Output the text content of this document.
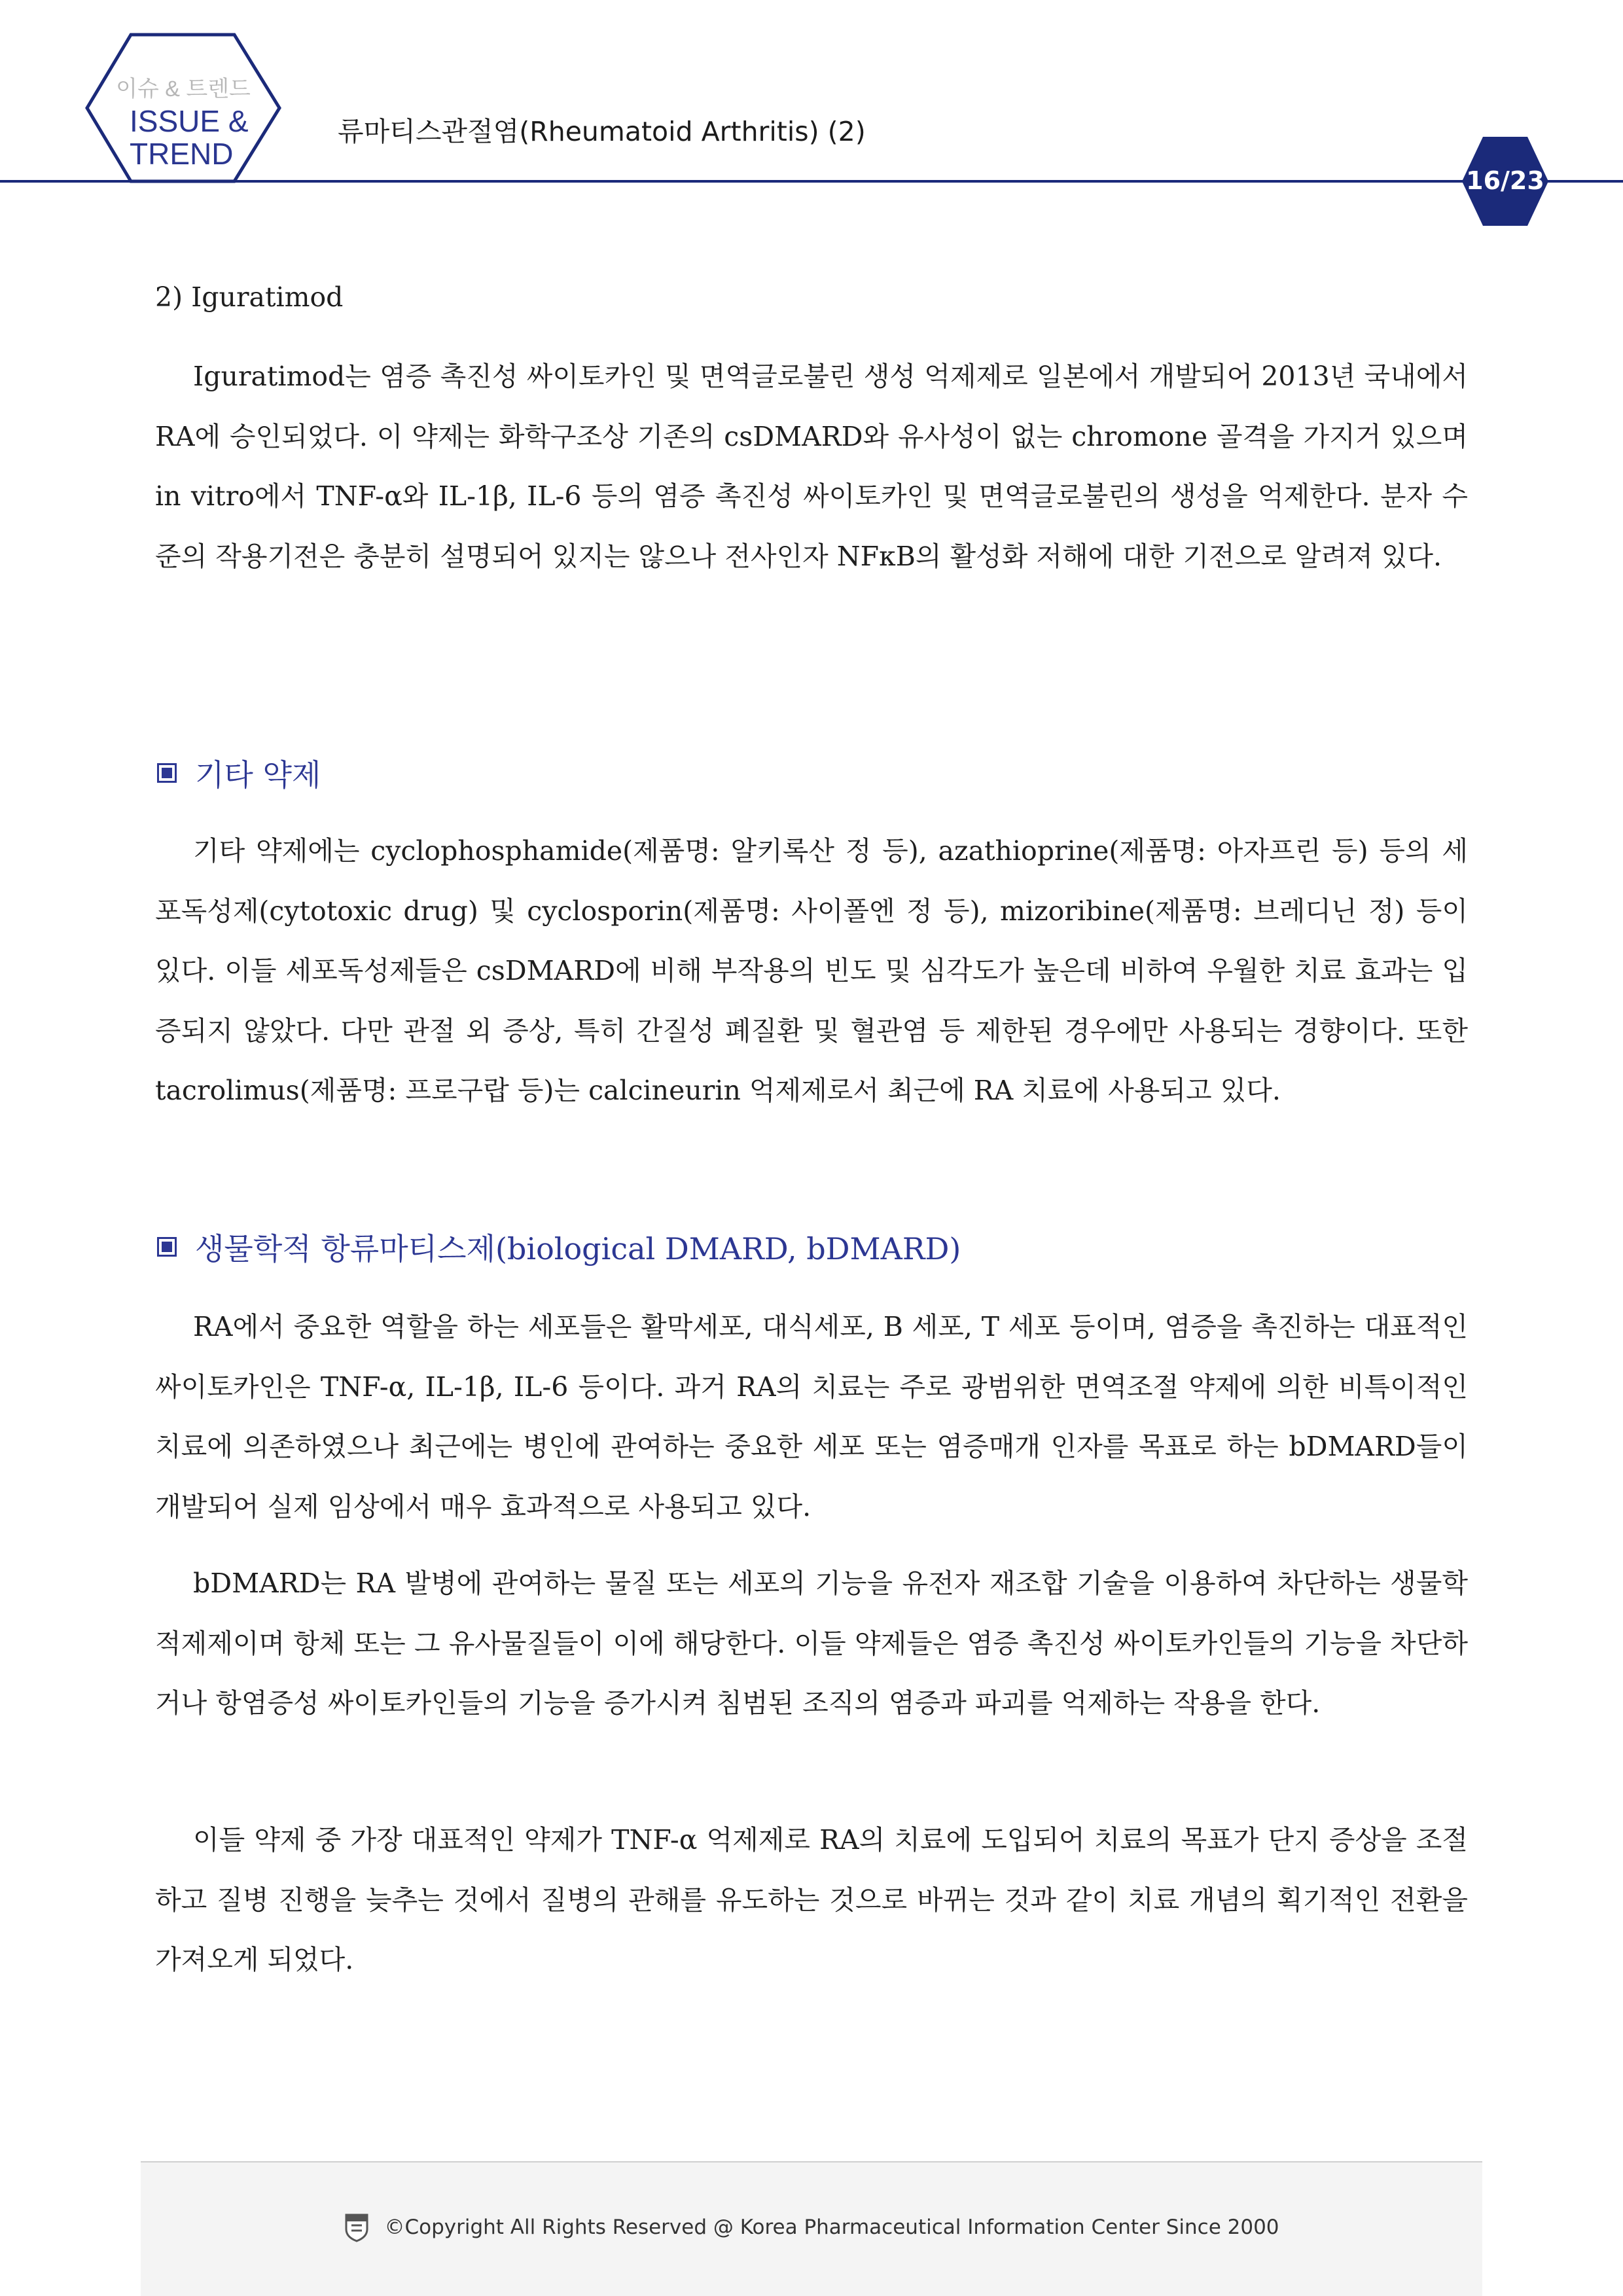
이슈 & 트렌드
ISSUE &
TREND
류마티스관절염(Rheumatoid Arthritis) (2)
16/23
2) Iguratimod

Iguratimod는 염증 촉진성 싸이토카인 및 면역글로불린 생성 억제제로 일본에서 개발되어 2013년 국내에서 RA에 승인되었다. 이 약제는 화학구조상 기존의 csDMARD와 유사성이 없는 chromone 골격을 가지거 있으며 in vitro에서 TNF-α와 IL-1β, IL-6 등의 염증 촉진성 싸이토카인 및 면역글로불린의 생성을 억제한다. 분자 수준의 작용기전은 충분히 설명되어 있지는 않으나 전사인자 NFκB의 활성화 저해에 대한 기전으로 알려져 있다.

기타 약제

기타 약제에는 cyclophosphamide(제품명: 알키록산 정 등), azathioprine(제품명: 아자프린 등) 등의 세포독성제(cytotoxic drug) 및 cyclosporin(제품명: 사이폴엔 정 등), mizoribine(제품명: 브레디닌 정) 등이 있다. 이들 세포독성제들은 csDMARD에 비해 부작용의 빈도 및 심각도가 높은데 비하여 우월한 치료 효과는 입증되지 않았다. 다만 관절 외 증상, 특히 간질성 폐질환 및 혈관염 등 제한된 경우에만 사용되는 경향이다. 또한 tacrolimus(제품명: 프로구랍 등)는 calcineurin 억제제로서 최근에 RA 치료에 사용되고 있다.

생물학적 항류마티스제(biological DMARD, bDMARD)

RA에서 중요한 역할을 하는 세포들은 활막세포, 대식세포, B 세포, T 세포 등이며, 염증을 촉진하는 대표적인 싸이토카인은 TNF-α, IL-1β, IL-6 등이다. 과거 RA의 치료는 주로 광범위한 면역조절 약제에 의한 비특이적인 치료에 의존하였으나 최근에는 병인에 관여하는 중요한 세포 또는 염증매개 인자를 목표로 하는 bDMARD들이 개발되어 실제 임상에서 매우 효과적으로 사용되고 있다.

bDMARD는 RA 발병에 관여하는 물질 또는 세포의 기능을 유전자 재조합 기술을 이용하여 차단하는 생물학적제제이며 항체 또는 그 유사물질들이 이에 해당한다. 이들 약제들은 염증 촉진성 싸이토카인들의 기능을 차단하거나 항염증성 싸이토카인들의 기능을 증가시켜 침범된 조직의 염증과 파괴를 억제하는 작용을 한다.

이들 약제 중 가장 대표적인 약제가 TNF-α 억제제로 RA의 치료에 도입되어 치료의 목표가 단지 증상을 조절하고 질병 진행을 늦추는 것에서 질병의 관해를 유도하는 것으로 바뀌는 것과 같이 치료 개념의 획기적인 전환을 가져오게 되었다.

©Copyright All Rights Reserved @ Korea Pharmaceutical Information Center Since 2000
